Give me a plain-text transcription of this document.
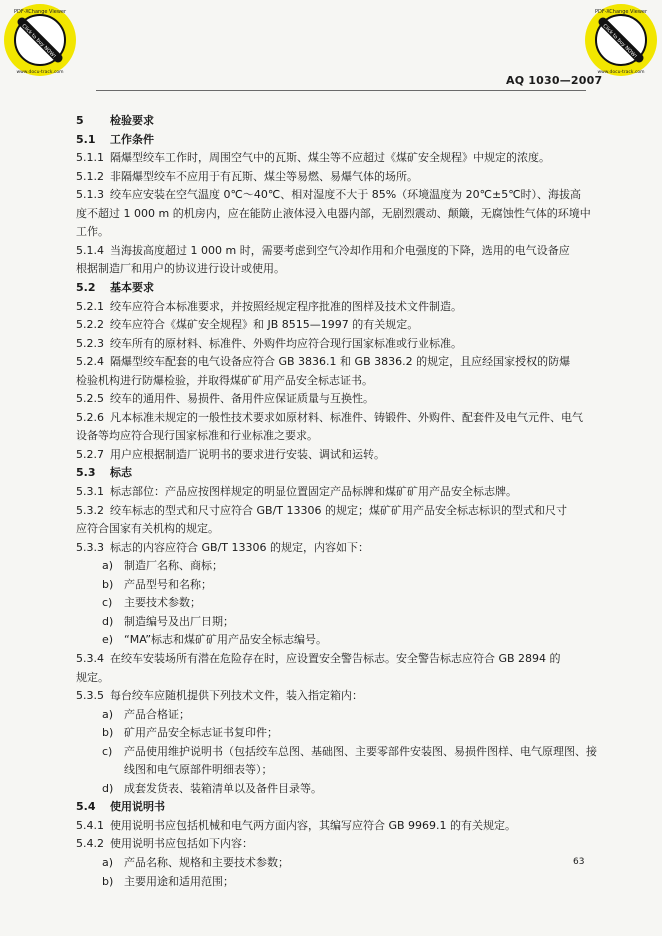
Click to buy NOW!
PDF-XChange Viewer
www.docu-track.com
Click to buy NOW!
PDF-XChange Viewer
www.docu-track.com
AQ 1030—2007
5 检验要求
5.1 工作条件
5.1.1 隔爆型绞车工作时，周围空气中的瓦斯、煤尘等不应超过《煤矿安全规程》中规定的浓度。
5.1.2 非隔爆型绞车不应用于有瓦斯、煤尘等易燃、易爆气体的场所。
5.1.3 绞车应安装在空气温度 0℃～40℃、相对湿度不大于 85%（环境温度为 20℃±5℃时）、海拔高
度不超过 1 000 m 的机房内，应在能防止液体浸入电器内部，无剧烈震动、颠簸，无腐蚀性气体的环境中
工作。
5.1.4 当海拔高度超过 1 000 m 时，需要考虑到空气冷却作用和介电强度的下降，选用的电气设备应
根据制造厂和用户的协议进行设计或使用。
5.2 基本要求
5.2.1 绞车应符合本标准要求，并按照经规定程序批准的图样及技术文件制造。
5.2.2 绞车应符合《煤矿安全规程》和 JB 8515—1997 的有关规定。
5.2.3 绞车所有的原材料、标准件、外购件均应符合现行国家标准或行业标准。
5.2.4 隔爆型绞车配套的电气设备应符合 GB 3836.1 和 GB 3836.2 的规定，且应经国家授权的防爆
检验机构进行防爆检验，并取得煤矿矿用产品安全标志证书。
5.2.5 绞车的通用件、易损件、备用件应保证质量与互换性。
5.2.6 凡本标准未规定的一般性技术要求如原材料、标准件、铸锻件、外购件、配套件及电气元件、电气
设备等均应符合现行国家标准和行业标准之要求。
5.2.7 用户应根据制造厂说明书的要求进行安装、调试和运转。
5.3 标志
5.3.1 标志部位：产品应按图样规定的明显位置固定产品标牌和煤矿矿用产品安全标志牌。
5.3.2 绞车标志的型式和尺寸应符合 GB/T 13306 的规定；煤矿矿用产品安全标志标识的型式和尺寸
应符合国家有关机构的规定。
5.3.3 标志的内容应符合 GB/T 13306 的规定，内容如下：
a) 制造厂名称、商标；
b) 产品型号和名称；
c) 主要技术参数；
d) 制造编号及出厂日期；
e) “MA”标志和煤矿矿用产品安全标志编号。
5.3.4 在绞车安装场所有潜在危险存在时，应设置安全警告标志。安全警告标志应符合 GB 2894 的
规定。
5.3.5 每台绞车应随机提供下列技术文件，装入指定箱内：
a) 产品合格证；
b) 矿用产品安全标志证书复印件；
c) 产品使用维护说明书（包括绞车总图、基础图、主要零部件安装图、易损件图样、电气原理图、接
线图和电气原部件明细表等）；
d) 成套发货表、装箱清单以及备件目录等。
5.4 使用说明书
5.4.1 使用说明书应包括机械和电气两方面内容，其编写应符合 GB 9969.1 的有关规定。
5.4.2 使用说明书应包括如下内容：
a) 产品名称、规格和主要技术参数；
b) 主要用途和适用范围；
63
